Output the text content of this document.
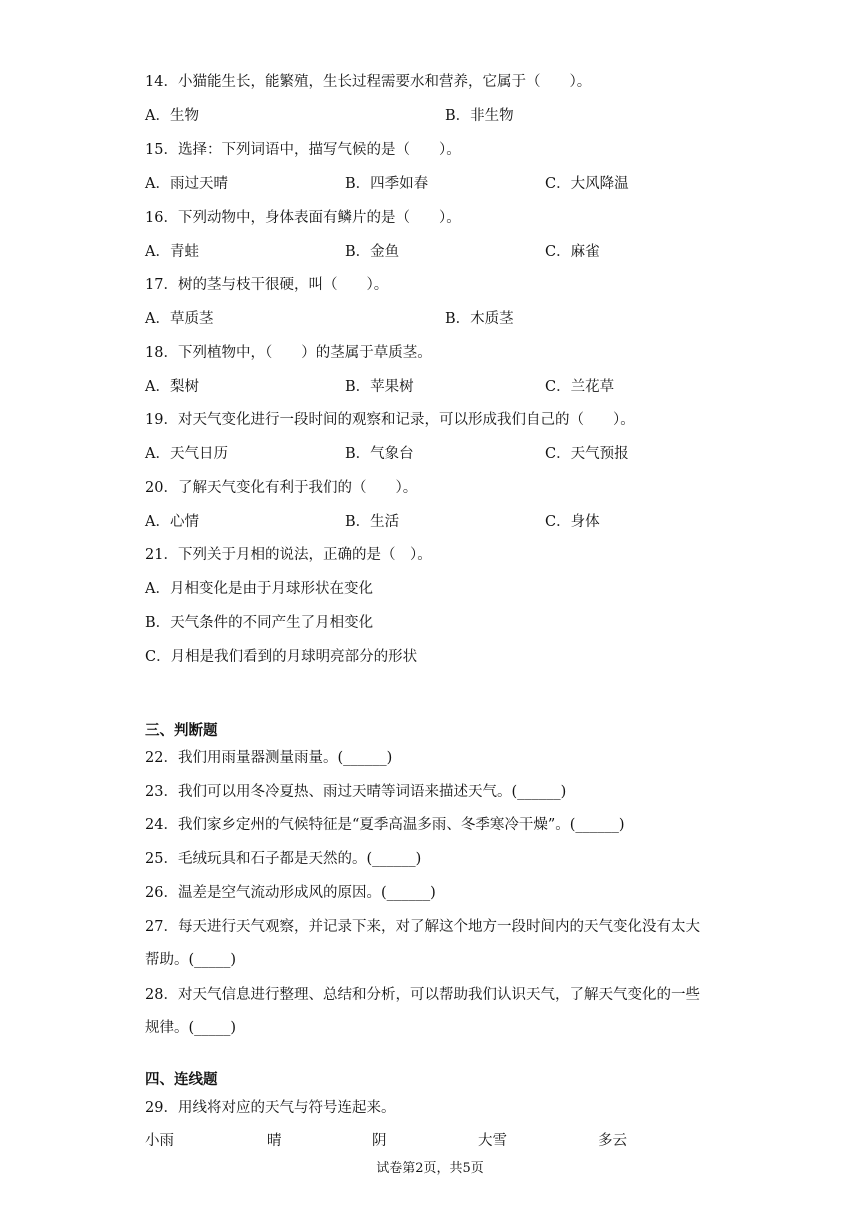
14．小猫能生长，能繁殖，生长过程需要水和营养，它属于（　　）。
A．生物	B．非生物
15．选择：下列词语中，描写气候的是（　　）。
A．雨过天晴	B．四季如春	C．大风降温
16．下列动物中，身体表面有鳞片的是（　　）。
A．青蛙	B．金鱼	C．麻雀
17．树的茎与枝干很硬，叫（　　）。
A．草质茎	B．木质茎
18．下列植物中，（　　）的茎属于草质茎。
A．梨树	B．苹果树	C．兰花草
19．对天气变化进行一段时间的观察和记录，可以形成我们自己的（　　）。
A．天气日历	B．气象台	C．天气预报
20．了解天气变化有利于我们的（　　）。
A．心情	B．生活	C．身体
21．下列关于月相的说法，正确的是（　）。
A．月相变化是由于月球形状在变化
B．天气条件的不同产生了月相变化
C．月相是我们看到的月球明亮部分的形状
三、判断题
22．我们用雨量器测量雨量。(______)
23．我们可以用冬冷夏热、雨过天晴等词语来描述天气。(______)
24．我们家乡定州的气候特征是“夏季高温多雨、冬季寒冷干燥”。(______)
25．毛绒玩具和石子都是天然的。(______)
26．温差是空气流动形成风的原因。(______)
27．每天进行天气观察，并记录下来，对了解这个地方一段时间内的天气变化没有太大
帮助。(_____)
28．对天气信息进行整理、总结和分析，可以帮助我们认识天气，了解天气变化的一些
规律。(_____)
四、连线题
29．用线将对应的天气与符号连起来。
小雨	晴	阴	大雪	多云
试卷第2页，共5页
